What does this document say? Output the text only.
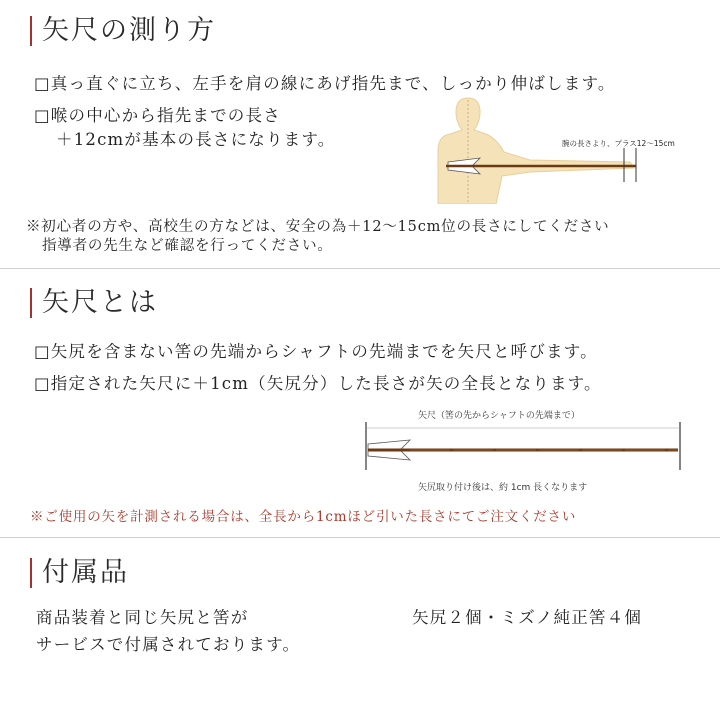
矢尺の測り方
□真っ直ぐに立ち、左手を肩の線にあげ指先まで、しっかり伸ばします。
□喉の中心から指先までの長さ
＋12cmが基本の長さになります。	腕の長さより、プラス12～15cm
※初心者の方や、高校生の方などは、安全の為＋12～15cm位の長さにしてください
指導者の先生など確認を行ってください。
矢尺とは
□矢尻を含まない筈の先端からシャフトの先端までを矢尺と呼びます。
□指定された矢尺に＋1cm（矢尻分）した長さが矢の全長となります。
矢尺（筈の先からシャフトの先端まで）
矢尻取り付け後は、約 1cm 長くなります
※ご使用の矢を計測される場合は、全長から1cmほど引いた長さにてご注文ください
付属品
商品装着と同じ矢尻と筈が
サービスで付属されております。
矢尻２個・ミズノ純正筈４個
